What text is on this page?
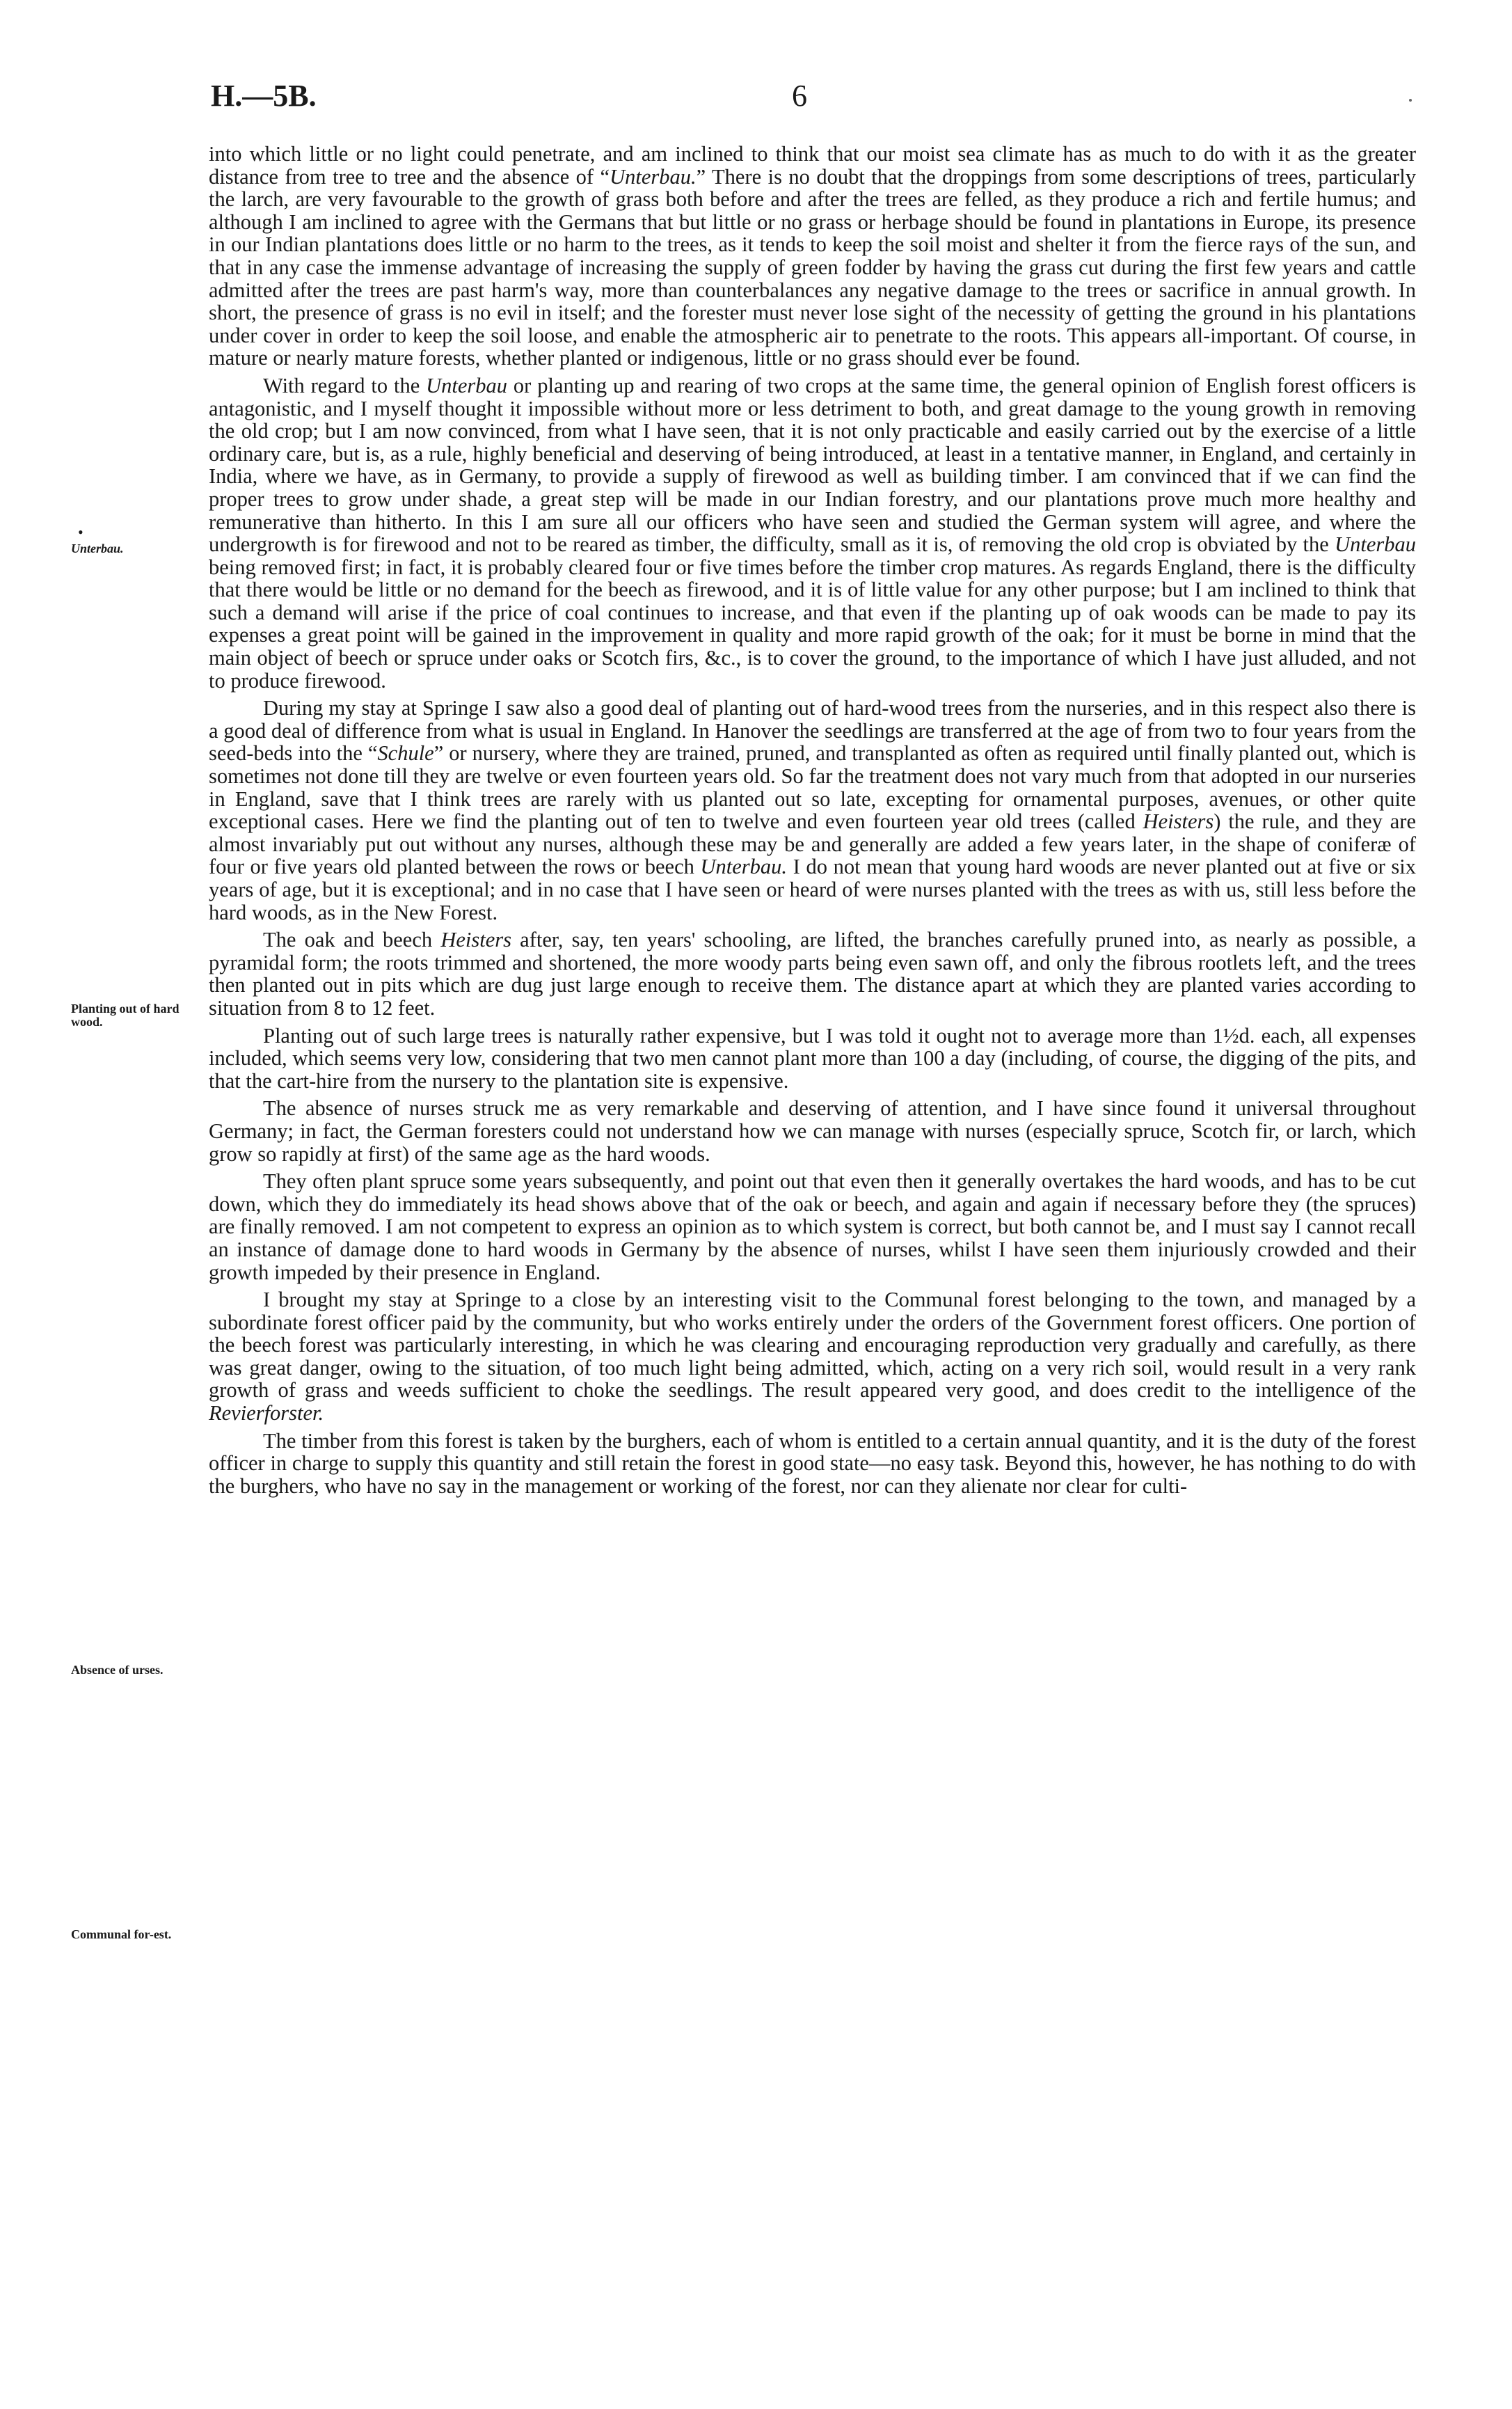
H.—5B.	6
•
Unterbau.
Planting out of hard wood.
Absence of urses.
Communal for-est.

into which little or no light could penetrate, and am inclined to think that our moist sea climate has as much to do with it as the greater distance from tree to tree and the absence of “Unterbau.” There is no doubt that the droppings from some descriptions of trees, particularly the larch, are very favourable to the growth of grass both before and after the trees are felled, as they produce a rich and fertile humus; and although I am inclined to agree with the Germans that but little or no grass or herbage should be found in plantations in Europe, its presence in our Indian plantations does little or no harm to the trees, as it tends to keep the soil moist and shelter it from the fierce rays of the sun, and that in any case the immense advantage of increasing the supply of green fodder by having the grass cut during the first few years and cattle admitted after the trees are past harm's way, more than counterbalances any negative damage to the trees or sacrifice in annual growth. In short, the presence of grass is no evil in itself; and the forester must never lose sight of the necessity of getting the ground in his plantations under cover in order to keep the soil loose, and enable the atmospheric air to penetrate to the roots. This appears all-important. Of course, in mature or nearly mature forests, whether planted or indigenous, little or no grass should ever be found.

With regard to the Unterbau or planting up and rearing of two crops at the same time, the general opinion of English forest officers is antagonistic, and I myself thought it impossible without more or less detriment to both, and great damage to the young growth in removing the old crop; but I am now convinced, from what I have seen, that it is not only practicable and easily carried out by the exercise of a little ordinary care, but is, as a rule, highly beneficial and deserving of being introduced, at least in a tentative manner, in England, and certainly in India, where we have, as in Germany, to provide a supply of firewood as well as building timber. I am convinced that if we can find the proper trees to grow under shade, a great step will be made in our Indian forestry, and our plantations prove much more healthy and remunerative than hitherto. In this I am sure all our officers who have seen and studied the German system will agree, and where the undergrowth is for firewood and not to be reared as timber, the difficulty, small as it is, of removing the old crop is obviated by the Unterbau being removed first; in fact, it is probably cleared four or five times before the timber crop matures. As regards England, there is the difficulty that there would be little or no demand for the beech as firewood, and it is of little value for any other purpose; but I am inclined to think that such a demand will arise if the price of coal continues to increase, and that even if the planting up of oak woods can be made to pay its expenses a great point will be gained in the improvement in quality and more rapid growth of the oak; for it must be borne in mind that the main object of beech or spruce under oaks or Scotch firs, &c., is to cover the ground, to the importance of which I have just alluded, and not to produce firewood.

During my stay at Springe I saw also a good deal of planting out of hard-wood trees from the nurseries, and in this respect also there is a good deal of difference from what is usual in England. In Hanover the seedlings are transferred at the age of from two to four years from the seed-beds into the “Schule” or nursery, where they are trained, pruned, and transplanted as often as required until finally planted out, which is sometimes not done till they are twelve or even fourteen years old. So far the treatment does not vary much from that adopted in our nurseries in England, save that I think trees are rarely with us planted out so late, excepting for ornamental purposes, avenues, or other quite exceptional cases. Here we find the planting out of ten to twelve and even fourteen year old trees (called Heisters) the rule, and they are almost invariably put out without any nurses, although these may be and generally are added a few years later, in the shape of coniferæ of four or five years old planted between the rows or beech Unterbau. I do not mean that young hard woods are never planted out at five or six years of age, but it is exceptional; and in no case that I have seen or heard of were nurses planted with the trees as with us, still less before the hard woods, as in the New Forest.

The oak and beech Heisters after, say, ten years' schooling, are lifted, the branches carefully pruned into, as nearly as possible, a pyramidal form; the roots trimmed and shortened, the more woody parts being even sawn off, and only the fibrous rootlets left, and the trees then planted out in pits which are dug just large enough to receive them. The distance apart at which they are planted varies according to situation from 8 to 12 feet.

Planting out of such large trees is naturally rather expensive, but I was told it ought not to average more than 1½d. each, all expenses included, which seems very low, considering that two men cannot plant more than 100 a day (including, of course, the digging of the pits, and that the cart-hire from the nursery to the plantation site is expensive.

The absence of nurses struck me as very remarkable and deserving of attention, and I have since found it universal throughout Germany; in fact, the German foresters could not understand how we can manage with nurses (especially spruce, Scotch fir, or larch, which grow so rapidly at first) of the same age as the hard woods.

They often plant spruce some years subsequently, and point out that even then it generally overtakes the hard woods, and has to be cut down, which they do immediately its head shows above that of the oak or beech, and again and again if necessary before they (the spruces) are finally removed. I am not competent to express an opinion as to which system is correct, but both cannot be, and I must say I cannot recall an instance of damage done to hard woods in Germany by the absence of nurses, whilst I have seen them injuriously crowded and their growth impeded by their presence in England.

I brought my stay at Springe to a close by an interesting visit to the Communal forest belonging to the town, and managed by a subordinate forest officer paid by the community, but who works entirely under the orders of the Government forest officers. One portion of the beech forest was particularly interesting, in which he was clearing and encouraging reproduction very gradually and carefully, as there was great danger, owing to the situation, of too much light being admitted, which, acting on a very rich soil, would result in a very rank growth of grass and weeds sufficient to choke the seedlings. The result appeared very good, and does credit to the intelligence of the Revierforster.

The timber from this forest is taken by the burghers, each of whom is entitled to a certain annual quantity, and it is the duty of the forest officer in charge to supply this quantity and still retain the forest in good state—no easy task. Beyond this, however, he has nothing to do with the burghers, who have no say in the management or working of the forest, nor can they alienate nor clear for culti-
